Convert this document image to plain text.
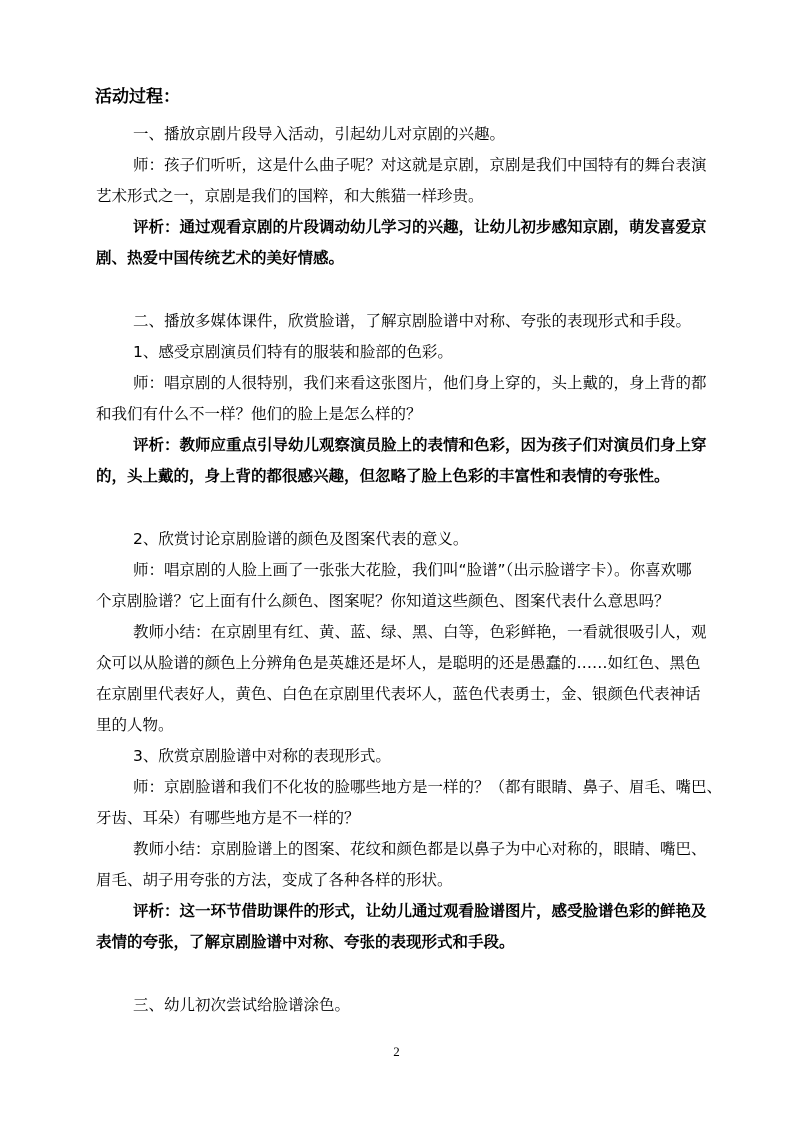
活动过程：
一、播放京剧片段导入活动，引起幼儿对京剧的兴趣。
师：孩子们听听，这是什么曲子呢？对这就是京剧，京剧是我们中国特有的舞台表演
艺术形式之一，京剧是我们的国粹，和大熊猫一样珍贵。
评析：通过观看京剧的片段调动幼儿学习的兴趣，让幼儿初步感知京剧，萌发喜爱京
剧、热爱中国传统艺术的美好情感。
二、播放多媒体课件，欣赏脸谱，了解京剧脸谱中对称、夸张的表现形式和手段。
1、感受京剧演员们特有的服装和脸部的色彩。
师：唱京剧的人很特别，我们来看这张图片，他们身上穿的，头上戴的，身上背的都
和我们有什么不一样？他们的脸上是怎么样的？
评析：教师应重点引导幼儿观察演员脸上的表情和色彩，因为孩子们对演员们身上穿
的，头上戴的，身上背的都很感兴趣，但忽略了脸上色彩的丰富性和表情的夸张性。
2、欣赏讨论京剧脸谱的颜色及图案代表的意义。
师：唱京剧的人脸上画了一张张大花脸，我们叫“脸谱”（出示脸谱字卡）。你喜欢哪
个京剧脸谱？它上面有什么颜色、图案呢？你知道这些颜色、图案代表什么意思吗？
教师小结：在京剧里有红、黄、蓝、绿、黑、白等，色彩鲜艳，一看就很吸引人，观
众可以从脸谱的颜色上分辨角色是英雄还是坏人，是聪明的还是愚蠢的……如红色、黑色
在京剧里代表好人，黄色、白色在京剧里代表坏人，蓝色代表勇士，金、银颜色代表神话
里的人物。
3、欣赏京剧脸谱中对称的表现形式。
师：京剧脸谱和我们不化妆的脸哪些地方是一样的？（都有眼睛、鼻子、眉毛、嘴巴、
牙齿、耳朵）有哪些地方是不一样的？
教师小结：京剧脸谱上的图案、花纹和颜色都是以鼻子为中心对称的，眼睛、嘴巴、
眉毛、胡子用夸张的方法，变成了各种各样的形状。
评析：这一环节借助课件的形式，让幼儿通过观看脸谱图片，感受脸谱色彩的鲜艳及
表情的夸张，了解京剧脸谱中对称、夸张的表现形式和手段。
三、幼儿初次尝试给脸谱涂色。
2
